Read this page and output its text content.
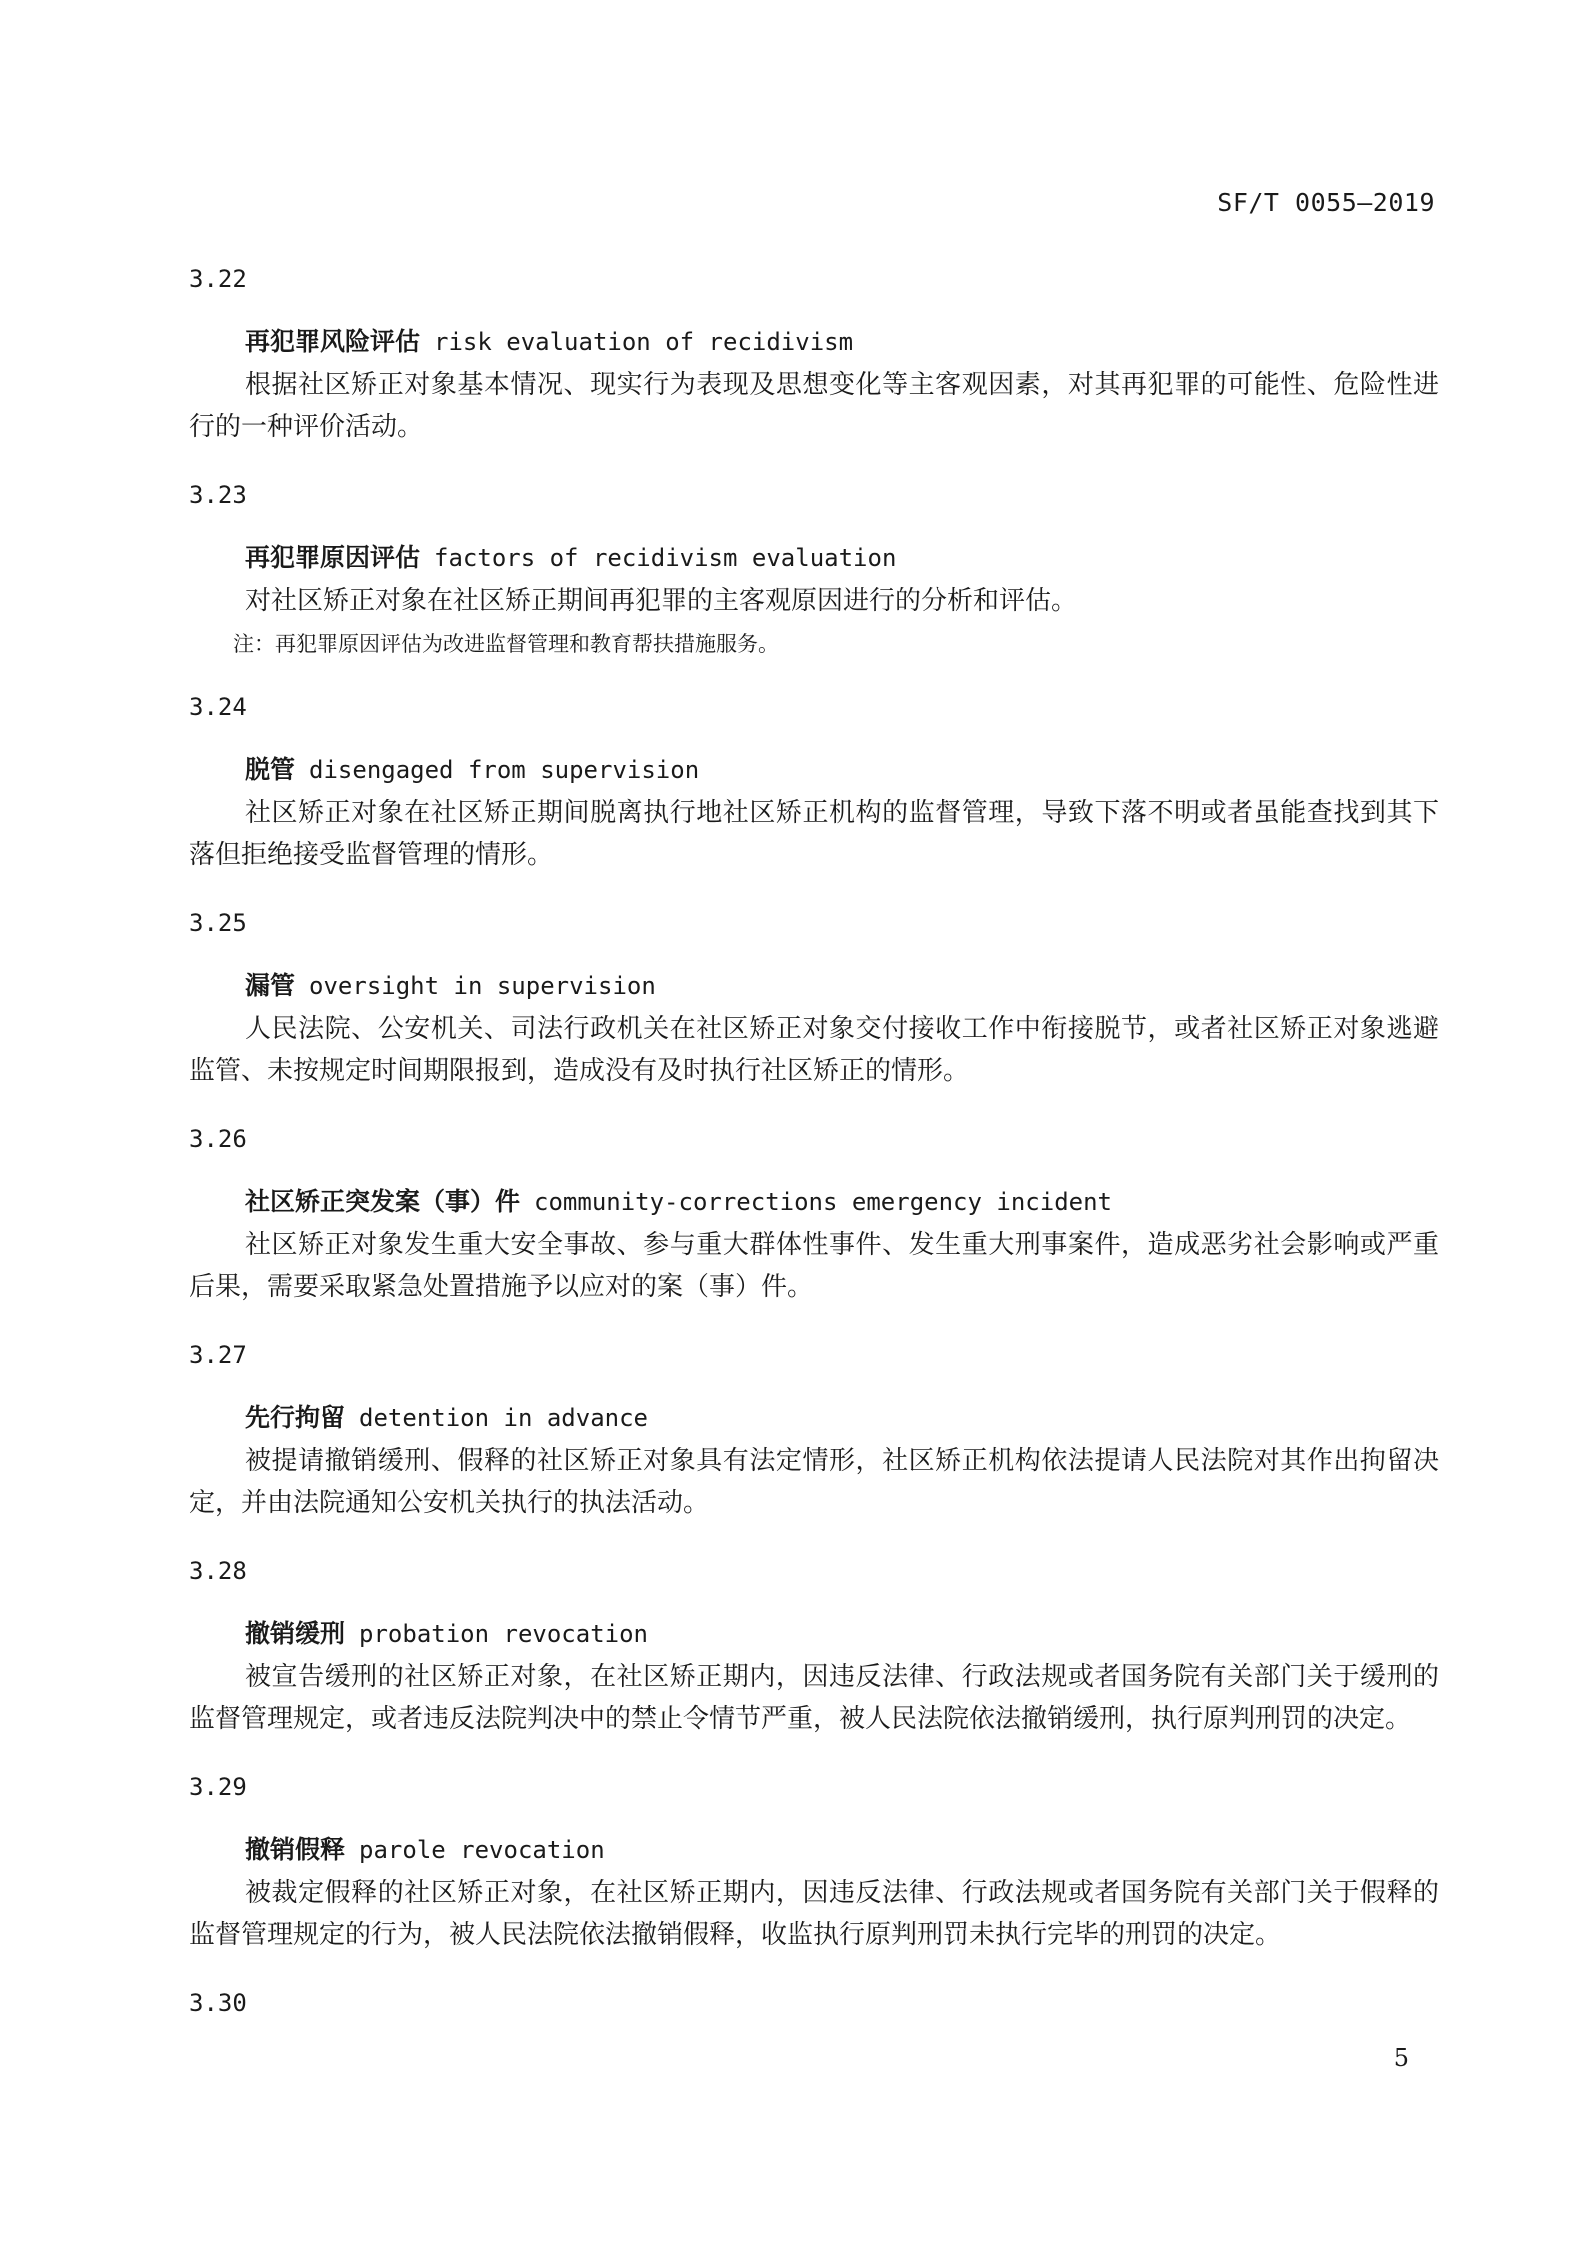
SF/T 0055—2019
3.22
再犯罪风险评估 risk evaluation of recidivism

根据社区矫正对象基本情况、现实行为表现及思想变化等主客观因素，对其再犯罪的可能性、危险性进行的一种评价活动。

3.23
再犯罪原因评估 factors of recidivism evaluation

对社区矫正对象在社区矫正期间再犯罪的主客观原因进行的分析和评估。

注：再犯罪原因评估为改进监督管理和教育帮扶措施服务。
3.24
脱管 disengaged from supervision

社区矫正对象在社区矫正期间脱离执行地社区矫正机构的监督管理，导致下落不明或者虽能查找到其下落但拒绝接受监督管理的情形。

3.25
漏管 oversight in supervision

人民法院、公安机关、司法行政机关在社区矫正对象交付接收工作中衔接脱节，或者社区矫正对象逃避监管、未按规定时间期限报到，造成没有及时执行社区矫正的情形。

3.26
社区矫正突发案（事）件 community-corrections emergency incident

社区矫正对象发生重大安全事故、参与重大群体性事件、发生重大刑事案件，造成恶劣社会影响或严重后果，需要采取紧急处置措施予以应对的案（事）件。

3.27
先行拘留 detention in advance

被提请撤销缓刑、假释的社区矫正对象具有法定情形，社区矫正机构依法提请人民法院对其作出拘留决定，并由法院通知公安机关执行的执法活动。

3.28
撤销缓刑 probation revocation

被宣告缓刑的社区矫正对象，在社区矫正期内，因违反法律、行政法规或者国务院有关部门关于缓刑的监督管理规定，或者违反法院判决中的禁止令情节严重，被人民法院依法撤销缓刑，执行原判刑罚的决定。

3.29
撤销假释 parole revocation

被裁定假释的社区矫正对象，在社区矫正期内，因违反法律、行政法规或者国务院有关部门关于假释的监督管理规定的行为，被人民法院依法撤销假释，收监执行原判刑罚未执行完毕的刑罚的决定。

3.30
5
